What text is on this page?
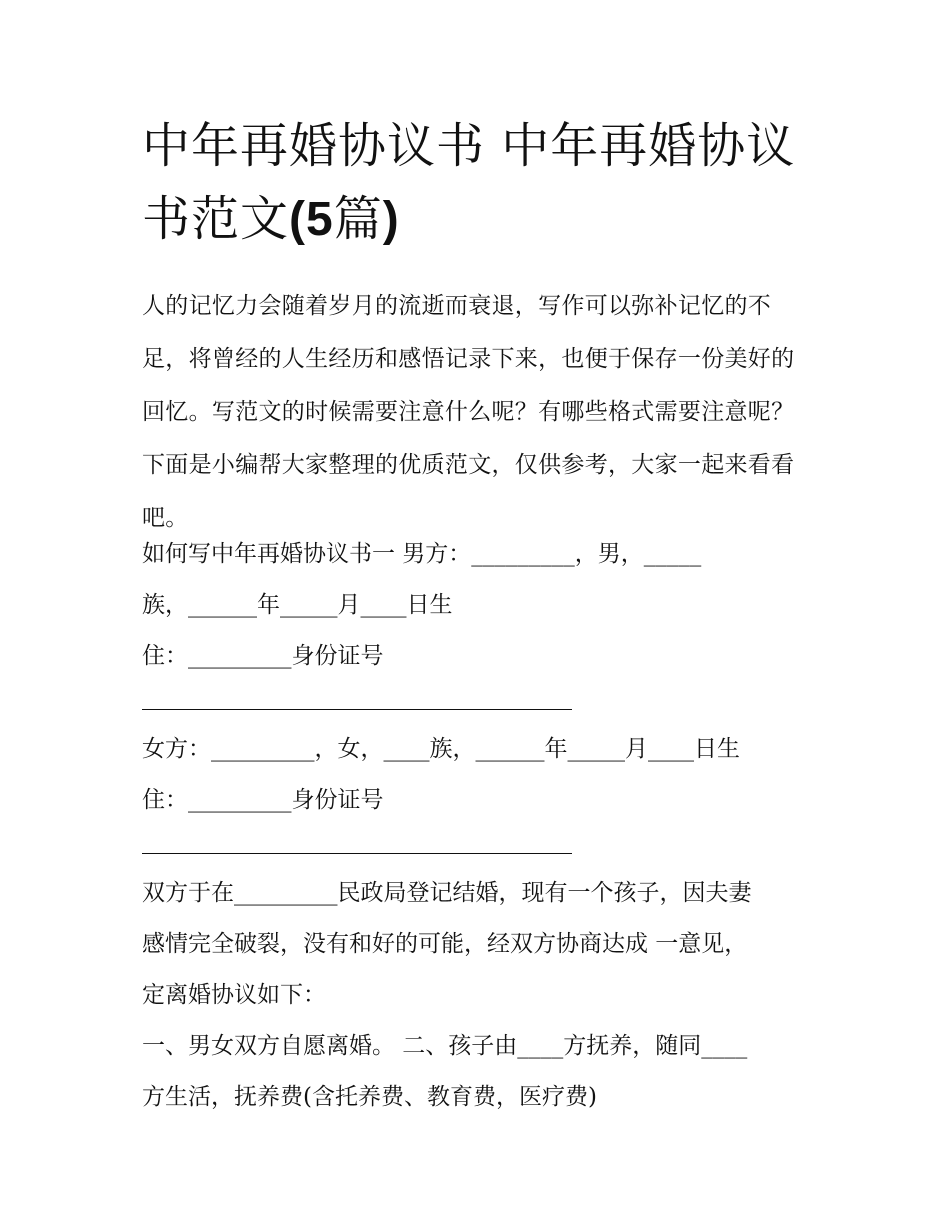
中年再婚协议书 中年再婚协议书范文(5篇)

人的记忆力会随着岁月的流逝而衰退，写作可以弥补记忆的不足，将曾经的人生经历和感悟记录下来，也便于保存一份美好的回忆。写范文的时候需要注意什么呢？有哪些格式需要注意呢？下面是小编帮大家整理的优质范文，仅供参考，大家一起来看看吧。

如何写中年再婚协议书一 男方：_________，男，_____

族，______年_____月____日生

住：_________身份证号

女方：_________，女，____族，______年_____月____日生

住：_________身份证号

双方于在_________民政局登记结婚，现有一个孩子，因夫妻

感情完全破裂，没有和好的可能，经双方协商达成 一意见，

定离婚协议如下：

一、男女双方自愿离婚。 二、孩子由____方抚养，随同____

方生活，抚养费(含托养费、教育费，医疗费)
